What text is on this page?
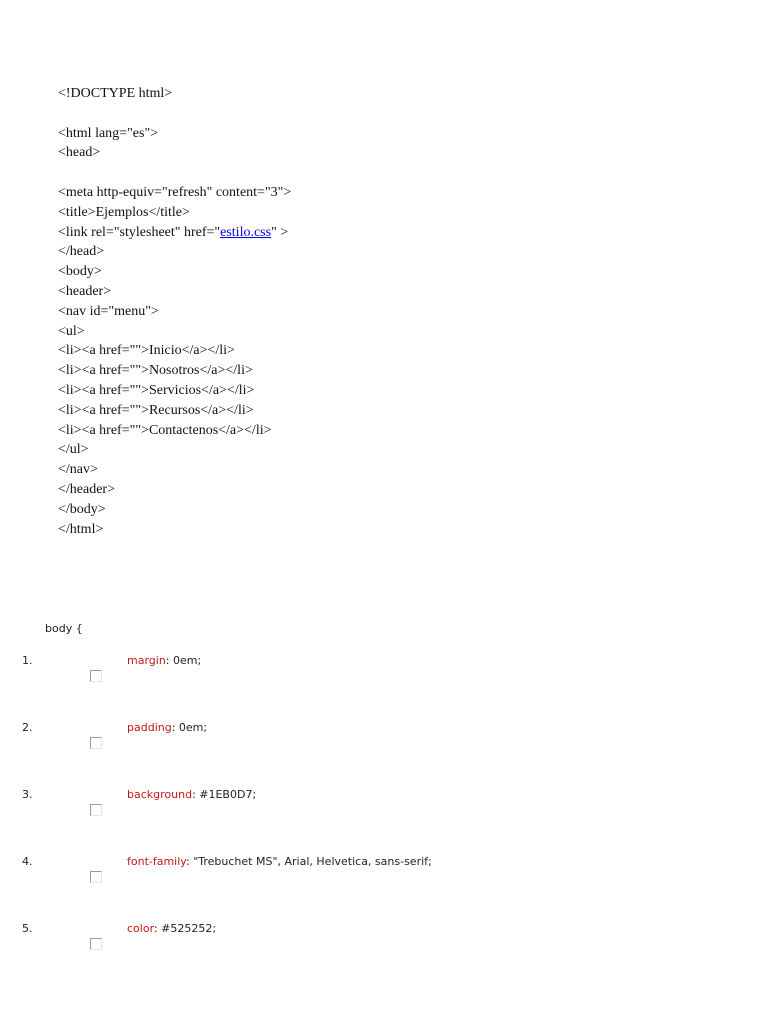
<!DOCTYPE html>
<html lang="es">
<head>
<meta http-equiv="refresh" content="3">
<title>Ejemplos</title>
<link rel="stylesheet" href="estilo.css" >
</head>
<body>
<header>
<nav id="menu">
<ul>
<li><a href="">Inicio</a></li>
<li><a href="">Nosotros</a></li>
<li><a href="">Servicios</a></li>
<li><a href="">Recursos</a></li>
<li><a href="">Contactenos</a></li>
</ul>
</nav>
</header>
</body>
</html>
body {
1.	margin: 0em;
2.	padding: 0em;
3.	background: #1EB0D7;
4.	font-family: "Trebuchet MS", Arial, Helvetica, sans-serif;
5.	color: #525252;
